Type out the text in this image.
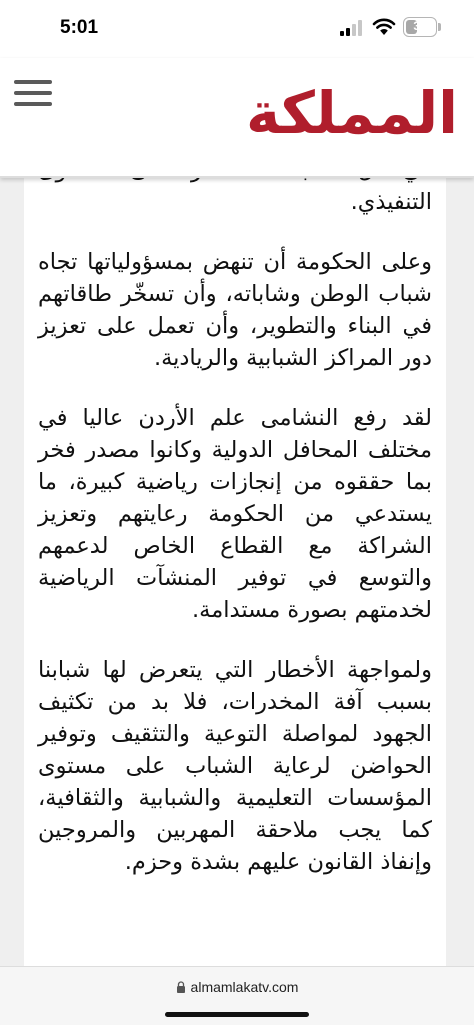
5:01	39
المملكة

التنفيذي.

وعلى الحكومة أن تنهض بمسؤولياتها تجاه شباب الوطن وشاباته، وأن تسخّر طاقاتهم في البناء والتطوير، وأن تعمل على تعزيز دور المراكز الشبابية والريادية.

لقد رفع النشامى علم الأردن عاليا في مختلف المحافل الدولية وكانوا مصدر فخر بما حققوه من إنجازات رياضية كبيرة، ما يستدعي من الحكومة رعايتهم وتعزيز الشراكة مع القطاع الخاص لدعمهم والتوسع في توفير المنشآت الرياضية لخدمتهم بصورة مستدامة.

ولمواجهة الأخطار التي يتعرض لها شبابنا بسبب آفة المخدرات، فلا بد من تكثيف الجهود لمواصلة التوعية والتثقيف وتوفير الحواضن لرعاية الشباب على مستوى المؤسسات التعليمية والشبابية والثقافية، كما يجب ملاحقة المهربين والمروجين وإنفاذ القانون عليهم بشدة وحزم.

almamlakatv.com
